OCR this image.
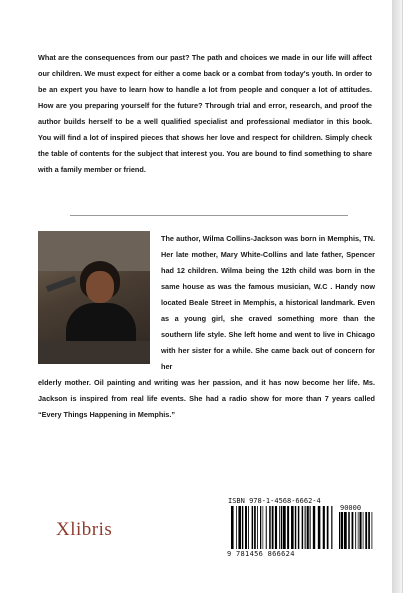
What are the consequences from our past? The path and choices we made in our life will affect our children. We must expect for either a come back or a combat from today's youth. In order to be an expert you have to learn how to handle a lot from people and conquer a lot of attitudes. How are you preparing yourself for the future? Through trial and error, research, and proof the author builds herself to be a well qualified specialist and professional mediator in this book. You will find a lot of inspired pieces that shows her love and respect for children. Simply check the table of contents for the subject that interest you. You are bound to find something to share with a family member or friend.

The author, Wilma Collins-Jackson was born in Memphis, TN. Her late mother, Mary White-Collins and late father, Spencer had 12 children. Wilma being the 12th child was born in the same house as was the famous musician, W.C . Handy now located Beale Street in Memphis, a historical landmark. Even as a young girl, she craved something more than the southern life style. She left home and went to live in Chicago with her sister for a while. She came back out of concern for her

elderly mother. Oil painting and writing was her passion, and it has now become her life. Ms. Jackson is inspired from real life events. She had a radio show for more than 7 years called “Every Things Happening in Memphis.”

Xlibris
ISBN 978-1-4568-6662-4
90000
9 781456 866624
